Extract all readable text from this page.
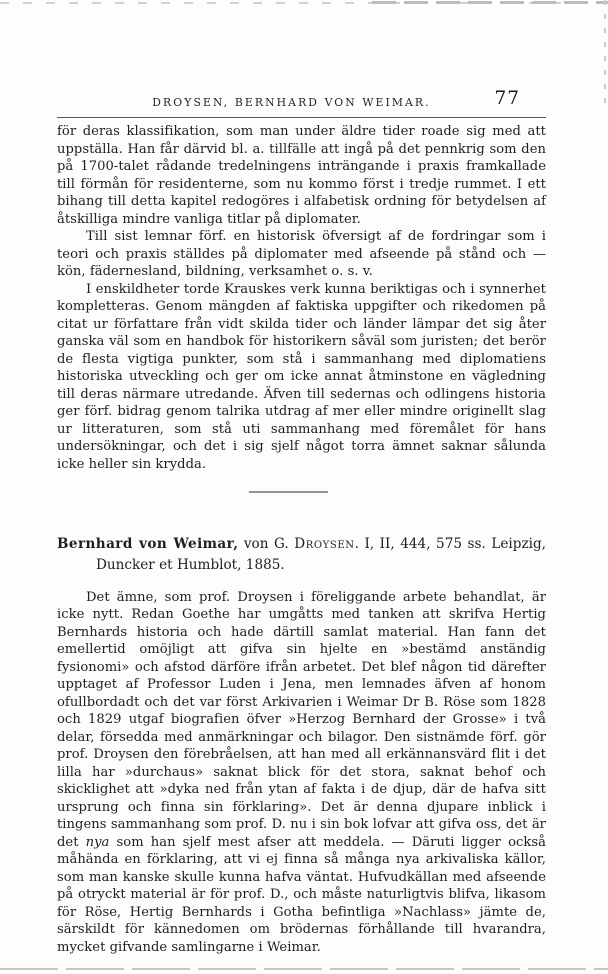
DROYSEN, BERNHARD VON WEIMAR.	77

för deras klassifikation, som man under äldre tider roade sig med att uppställa. Han får därvid bl. a. tillfälle att ingå på det pennkrig som den på 1700-talet rådande tredelningens inträngande i praxis framkallade till förmån för residenterne, som nu kommo först i tredje rummet. I ett bihang till detta kapitel redogöres i alfabetisk ordning för betydelsen af åtskilliga mindre vanliga titlar på diplomater.

Till sist lemnar förf. en historisk öfversigt af de fordringar som i teori och praxis ställdes på diplomater med afseende på stånd och — kön, fädernesland, bildning, verksamhet o. s. v.

I enskildheter torde Krauskes verk kunna beriktigas och i synnerhet kompletteras. Genom mängden af faktiska uppgifter och rikedomen på citat ur författare från vidt skilda tider och länder lämpar det sig åter ganska väl som en handbok för historikern såväl som juristen; det berör de flesta vigtiga punkter, som stå i sammanhang med diplomatiens historiska utveckling och ger om icke annat åtminstone en vägledning till deras närmare utredande. Äfven till sedernas och odlingens historia ger förf. bidrag genom talrika utdrag af mer eller mindre originellt slag ur litteraturen, som stå uti sammanhang med föremålet för hans undersökningar, och det i sig sjelf något torra ämnet saknar sålunda icke heller sin krydda.

Bernhard von Weimar, von G. Droysen. I, II, 444, 575 ss. Leipzig, Duncker et Humblot, 1885.

Det ämne, som prof. Droysen i föreliggande arbete behandlat, är icke nytt. Redan Goethe har umgåtts med tanken att skrifva Hertig Bernhards historia och hade därtill samlat material. Han fann det emellertid omöjligt att gifva sin hjelte en »bestämd anständig fysionomi» och afstod därföre ifrån arbetet. Det blef någon tid därefter upptaget af Professor Luden i Jena, men lemnades äfven af honom ofullbordadt och det var först Arkivarien i Weimar Dr B. Röse som 1828 och 1829 utgaf biografien öfver »Herzog Bernhard der Grosse» i två delar, försedda med anmärkningar och bilagor. Den sistnämde förf. gör prof. Droysen den förebråelsen, att han med all erkännansvärd flit i det lilla har »durchaus» saknat blick för det stora, saknat behof och skicklighet att »dyka ned från ytan af fakta i de djup, där de hafva sitt ursprung och finna sin förklaring». Det är denna djupare inblick i tingens sammanhang som prof. D. nu i sin bok lofvar att gifva oss, det är det nya som han sjelf mest afser att meddela. — Däruti ligger också måhända en förklaring, att vi ej finna så många nya arkivaliska källor, som man kanske skulle kunna hafva väntat. Hufvudkällan med afseende på otryckt material är för prof. D., och måste naturligtvis blifva, likasom för Röse, Hertig Bernhards i Gotha befintliga »Nachlass» jämte de, särskildt för kännedomen om brödernas förhållande till hvarandra, mycket gifvande samlingarne i Weimar.
